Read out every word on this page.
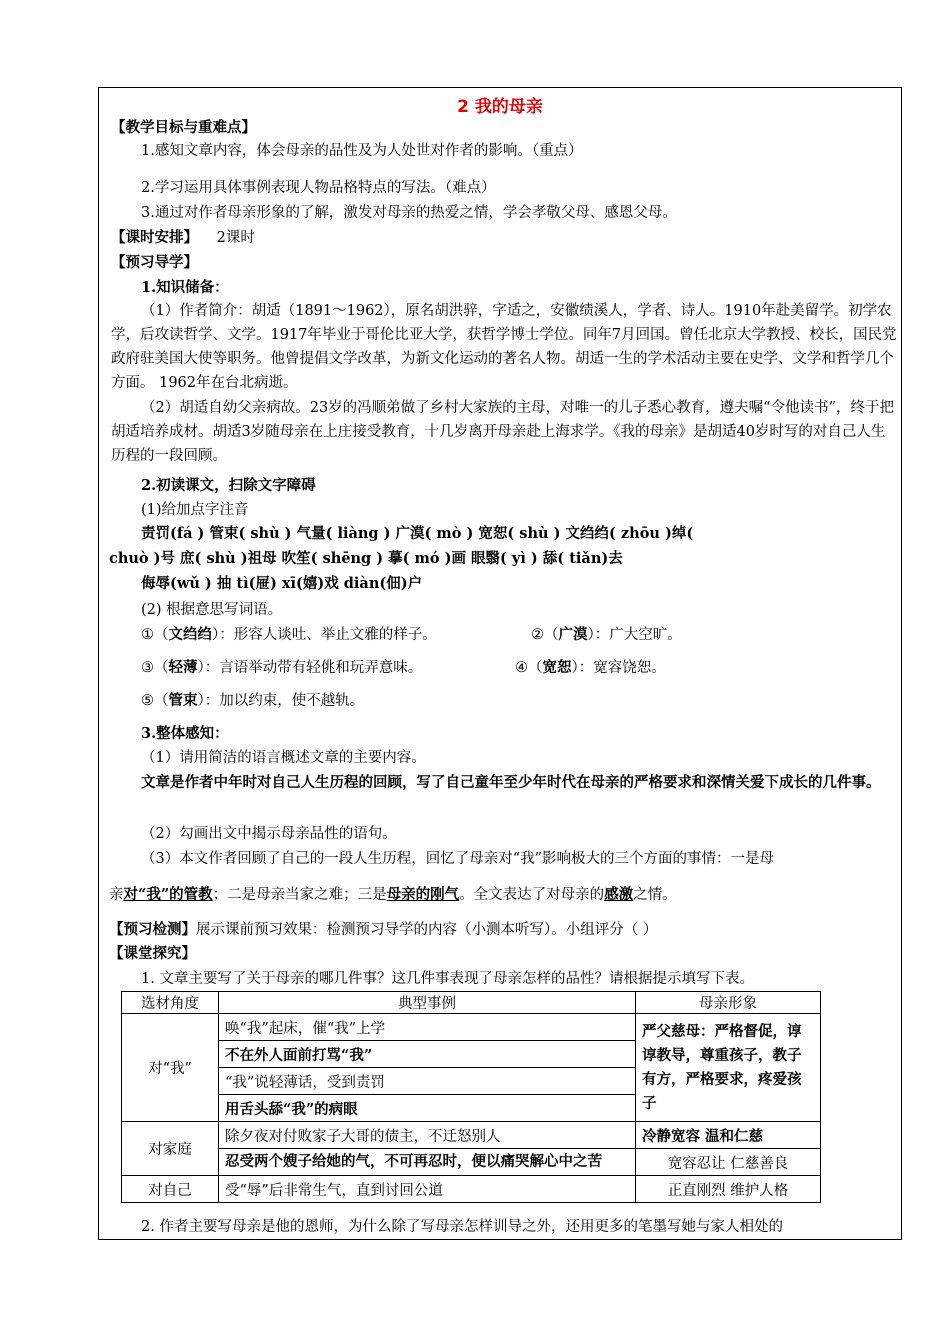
2 我的母亲
【教学目标与重难点】
1.感知文章内容，体会母亲的品性及为人处世对作者的影响。（重点）
2.学习运用具体事例表现人物品格特点的写法。（难点）
3.通过对作者母亲形象的了解，激发对母亲的热爱之情，学会孝敬父母、感恩父母。
【课时安排】 2课时
【预习导学】
1.知识储备：
（1）作者简介：胡适（1891～1962），原名胡洪骍，字适之，安徽绩溪人，学者、诗人。1910年赴美留学。初学农学，后攻读哲学、文学。1917年毕业于哥伦比亚大学，获哲学博士学位。同年7月回国。曾任北京大学教授、校长，国民党政府驻美国大使等职务。他曾提倡文学改革，为新文化运动的著名人物。胡适一生的学术活动主要在史学、文学和哲学几个方面。 1962年在台北病逝。
（2）胡适自幼父亲病故。23岁的冯顺弟做了乡村大家族的主母，对唯一的儿子悉心教育，遵夫嘱“令他读书”，终于把胡适培养成材。胡适3岁随母亲在上庄接受教育，十几岁离开母亲赴上海求学。《我的母亲》是胡适40岁时写的对自己人生历程的一段回顾。
2.初读课文，扫除文字障碍
(1)给加点字注音
责罚(fá ) 管束( shù ) 气量( liàng ) 广漠( mò ) 宽恕( shù ) 文绉绉( zhōu )绰(
chuò )号 庶( shù )祖母 吹笙( shēng ) 摹( mó )画 眼翳( yì ) 舔( tiǎn)去
侮辱(wǔ ) 抽 tì(屉) xī(嬉)戏 diàn(佃)户
(2) 根据意思写词语。
①（文绉绉）：形容人谈吐、举止文雅的样子。	②（广漠）：广大空旷。
③（轻薄）：言语举动带有轻佻和玩弄意味。	④（宽恕）：宽容饶恕。
⑤（管束）：加以约束，使不越轨。
3.整体感知：
（1）请用简洁的语言概述文章的主要内容。
文章是作者中年时对自己人生历程的回顾，写了自己童年至少年时代在母亲的严格要求和深情关爱下成长的几件事。
（2）勾画出文中揭示母亲品性的语句。
（3）本文作者回顾了自己的一段人生历程，回忆了母亲对“我”影响极大的三个方面的事情：一是母
亲对“我”的管教；二是母亲当家之难；三是母亲的刚气。全文表达了对母亲的感激之情。
【预习检测】展示课前预习效果：检测预习导学的内容（小测本听写）。小组评分（ ）
【课堂探究】
1. 文章主要写了关于母亲的哪几件事？这几件事表现了母亲怎样的品性？请根据提示填写下表。
选材角度	典型事例	母亲形象
对“我”	唤“我”起床，催“我”上学	严父慈母：严格督促，谆谆教导，尊重孩子，教子有方，严格要求，疼爱孩子
	不在外人面前打骂“我”	
	“我”说轻薄话，受到责罚	
	用舌头舔“我”的病眼	
对家庭	除夕夜对付败家子大哥的债主，不迁怒别人	冷静宽容 温和仁慈
	忍受两个嫂子给她的气，不可再忍时，便以痛哭解心中之苦	宽容忍让 仁慈善良
对自己	受“辱”后非常生气，直到讨回公道	正直刚烈 维护人格
2. 作者主要写母亲是他的恩师，为什么除了写母亲怎样训导之外，还用更多的笔墨写她与家人相处的
